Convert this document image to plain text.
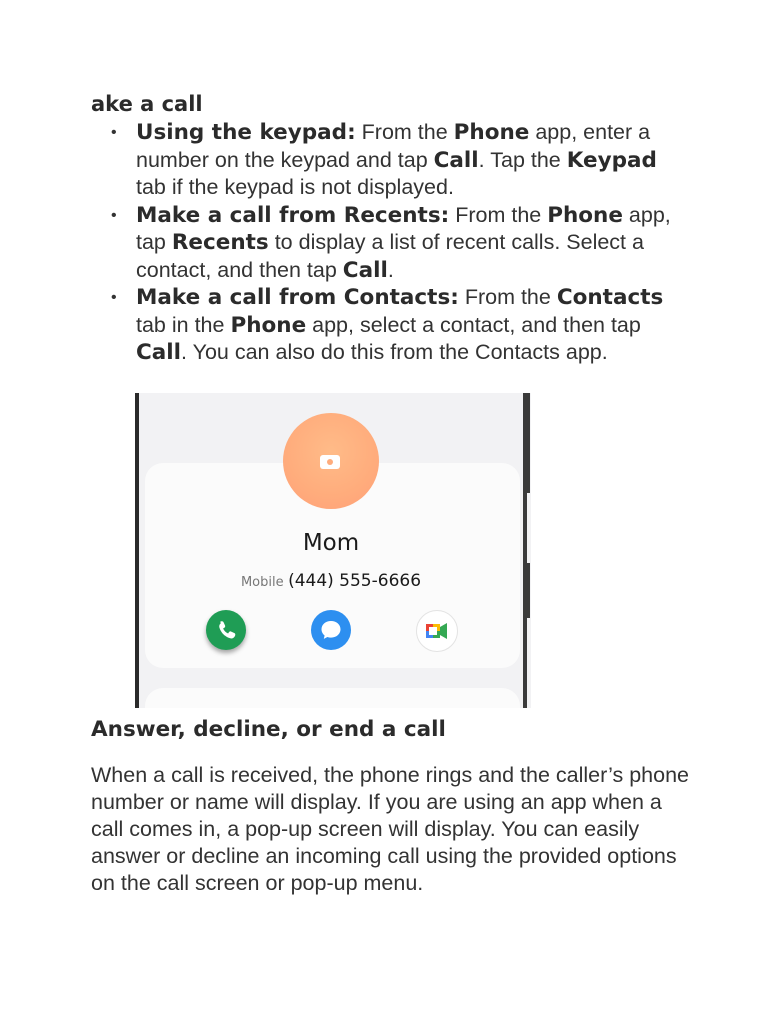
ake a call
• Using the keypad: From the Phone app, enter a number on the keypad and tap Call. Tap the Keypad tab if the keypad is not displayed.
• Make a call from Recents: From the Phone app, tap Recents to display a list of recent calls. Select a contact, and then tap Call.
• Make a call from Contacts: From the Contacts tab in the Phone app, select a contact, and then tap Call. You can also do this from the Contacts app.
Mom
Mobile (444) 555-6666
Answer, decline, or end a call

When a call is received, the phone rings and the caller’s phone number or name will display. If you are using an app when a call comes in, a pop-up screen will display. You can easily answer or decline an incoming call using the provided options on the call screen or pop-up menu.
